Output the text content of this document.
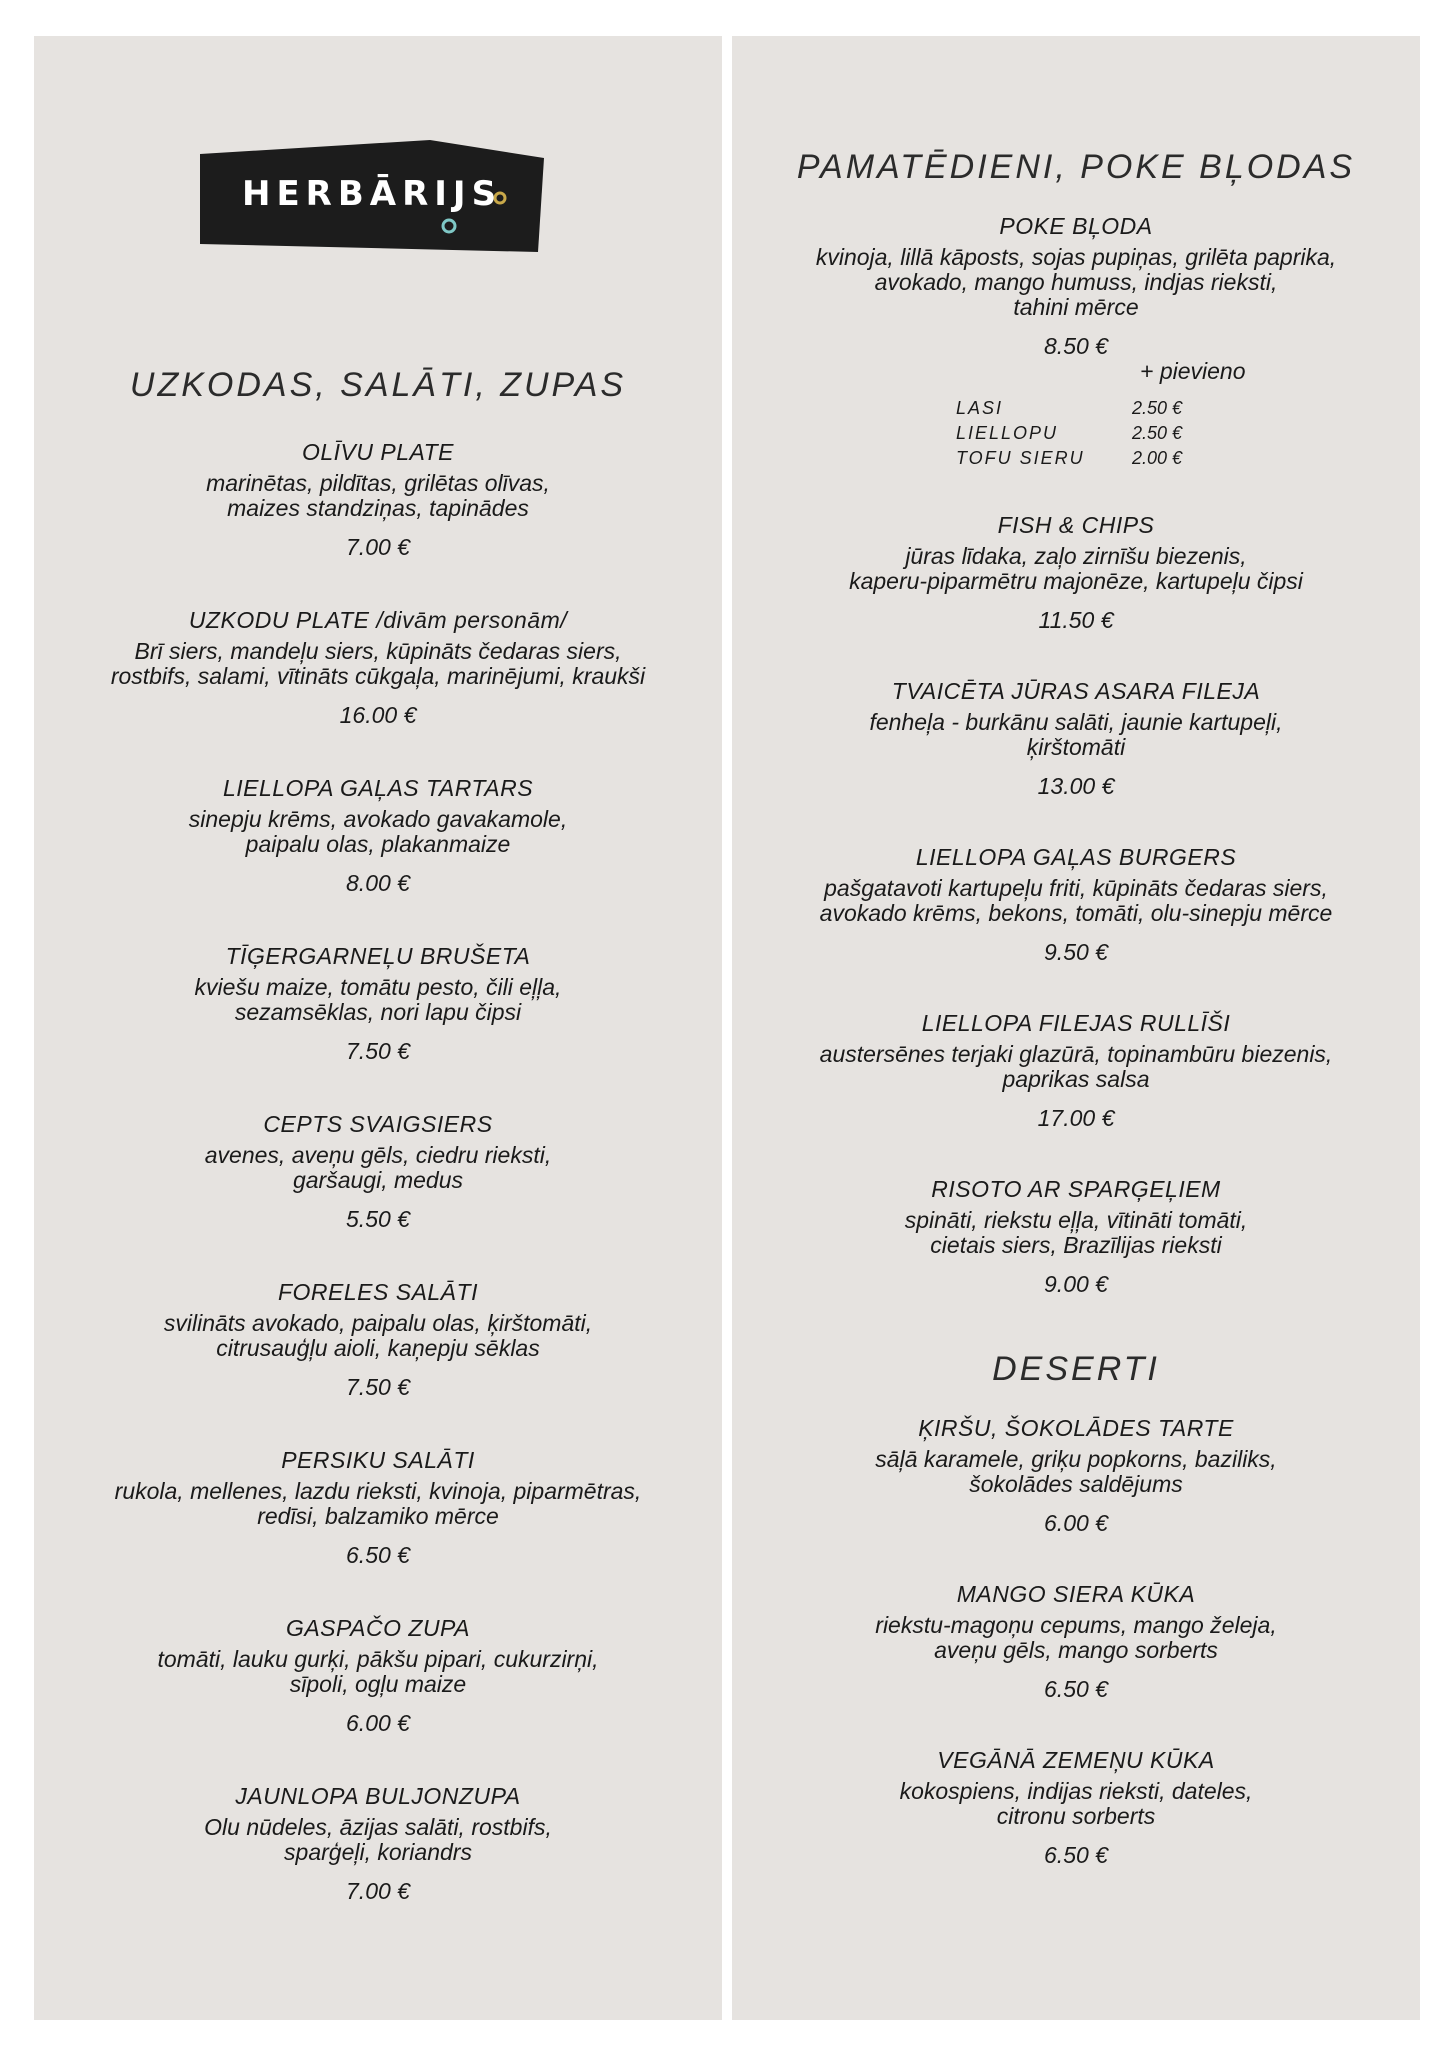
HERBĀRIJS
UZKODAS, SALĀTI, ZUPAS
OLĪVU PLATE
marinētas, pildītas, grilētas olīvas,
maizes standziņas, tapinādes
7.00 €
UZKODU PLATE /divām personām/
Brī siers, mandeļu siers, kūpināts čedaras siers,
rostbifs, salami, vītināts cūkgaļa, marinējumi, kraukši
16.00 €
LIELLOPA GAĻAS TARTARS
sinepju krēms, avokado gavakamole,
paipalu olas, plakanmaize
8.00 €
TĪĢERGARNEĻU BRUŠETA
kviešu maize, tomātu pesto, čili eļļa,
sezamsēklas, nori lapu čipsi
7.50 €
CEPTS SVAIGSIERS
avenes, aveņu gēls, ciedru rieksti,
garšaugi, medus
5.50 €
FORELES SALĀTI
svilināts avokado, paipalu olas, ķirštomāti,
citrusauģļu aioli, kaņepju sēklas
7.50 €
PERSIKU SALĀTI
rukola, mellenes, lazdu rieksti, kvinoja, piparmētras,
redīsi, balzamiko mērce
6.50 €
GASPAČO ZUPA
tomāti, lauku gurķi, pākšu pipari, cukurzirņi,
sīpoli, ogļu maize
6.00 €
JAUNLOPA BULJONZUPA
Olu nūdeles, āzijas salāti, rostbifs,
sparģeļi, koriandrs
7.00 €
PAMATĒDIENI, POKE BĻODAS
POKE BĻODA
kvinoja, lillā kāposts, sojas pupiņas, grilēta paprika,
avokado, mango humuss, indjas rieksti,
tahini mērce
8.50 €
+ pievieno
LASI	2.50 €
LIELLOPU	2.50 €
TOFU SIERU	2.00 €
FISH & CHIPS
jūras līdaka, zaļo zirnīšu biezenis,
kaperu-piparmētru majonēze, kartupeļu čipsi
11.50 €
TVAICĒTA JŪRAS ASARA FILEJA
fenheļa - burkānu salāti, jaunie kartupeļi,
ķirštomāti
13.00 €
LIELLOPA GAĻAS BURGERS
pašgatavoti kartupeļu friti, kūpināts čedaras siers,
avokado krēms, bekons, tomāti, olu-sinepju mērce
9.50 €
LIELLOPA FILEJAS RULLĪŠI
austersēnes terjaki glazūrā, topinambūru biezenis,
paprikas salsa
17.00 €
RISOTO AR SPARĢEĻIEM
spināti, riekstu eļļa, vītināti tomāti,
cietais siers, Brazīlijas rieksti
9.00 €
DESERTI
ĶIRŠU, ŠOKOLĀDES TARTE
sāļā karamele, griķu popkorns, baziliks,
šokolādes saldējums
6.00 €
MANGO SIERA KŪKA
riekstu-magoņu cepums, mango želeja,
aveņu gēls, mango sorberts
6.50 €
VEGĀNĀ ZEMEŅU KŪKA
kokospiens, indijas rieksti, dateles,
citronu sorberts
6.50 €
